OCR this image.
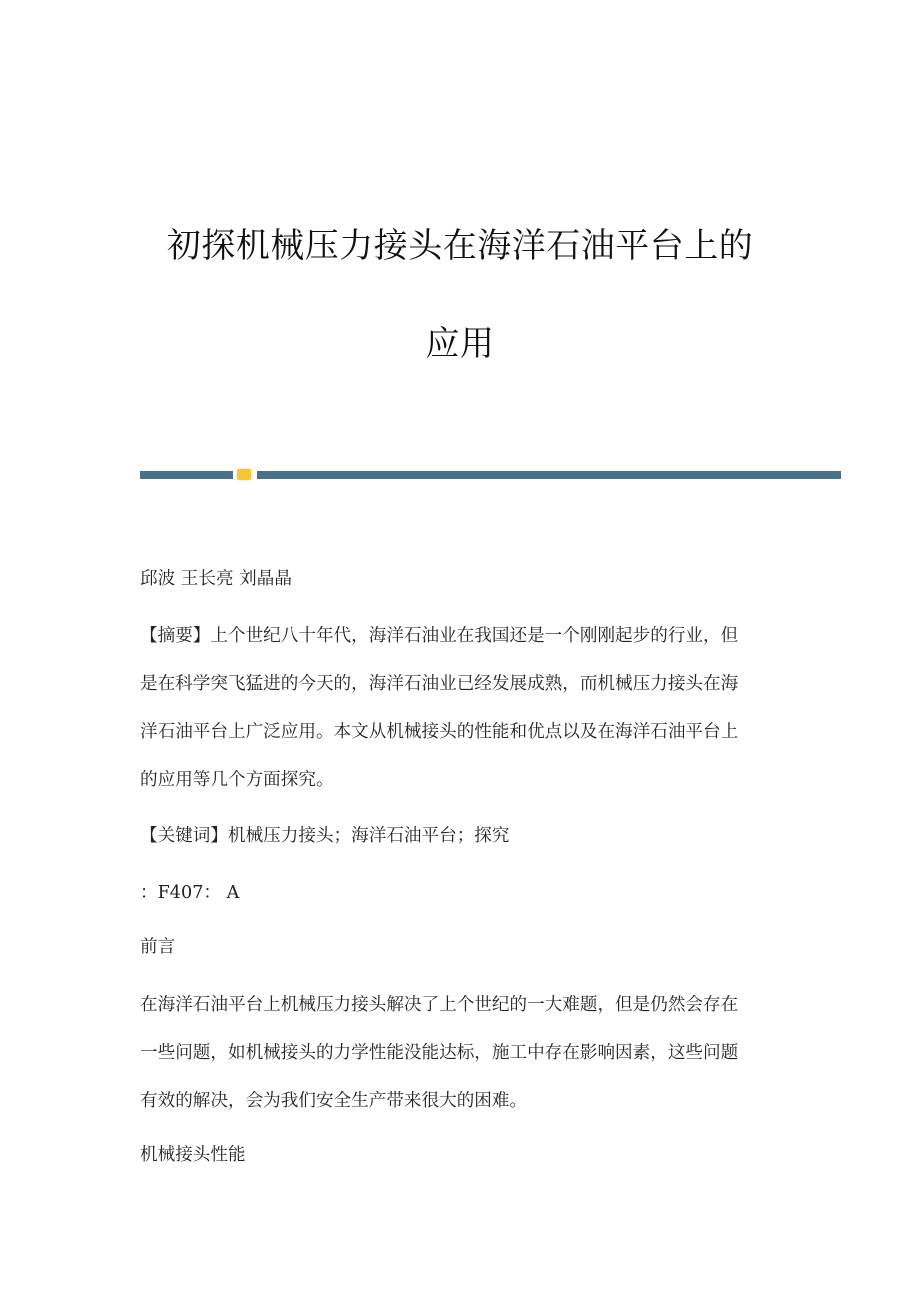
初探机械压力接头在海洋石油平台上的
应用
邱波 王长亮 刘晶晶
【摘要】上个世纪八十年代，海洋石油业在我国还是一个刚刚起步的行业，但
是在科学突飞猛进的今天的，海洋石油业已经发展成熟，而机械压力接头在海
洋石油平台上广泛应用。本文从机械接头的性能和优点以及在海洋石油平台上
的应用等几个方面探究。
【关键词】机械压力接头；海洋石油平台；探究
：F407： A
前言
在海洋石油平台上机械压力接头解决了上个世纪的一大难题，但是仍然会存在
一些问题，如机械接头的力学性能没能达标，施工中存在影响因素，这些问题
有效的解决，会为我们安全生产带来很大的困难。
机械接头性能
